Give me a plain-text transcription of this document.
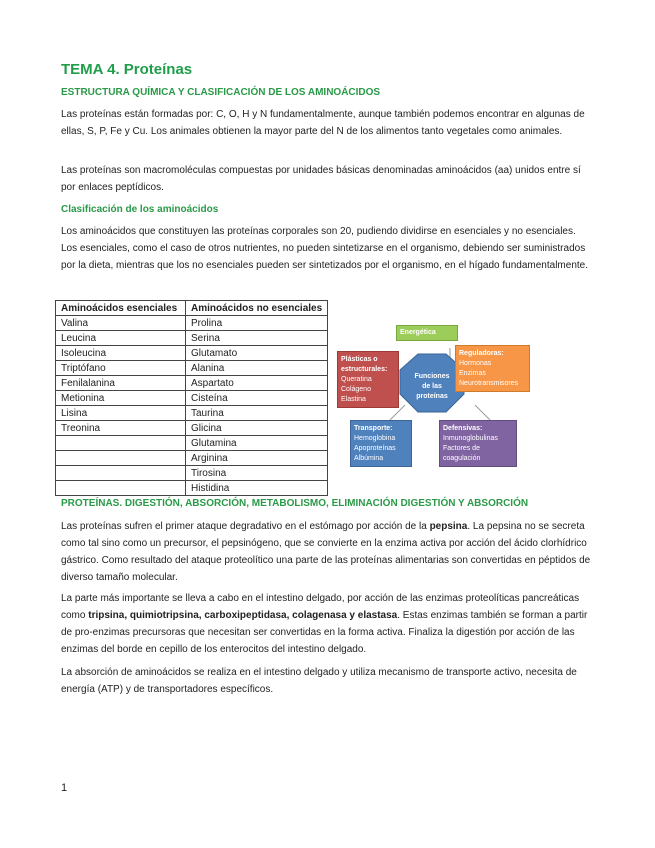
TEMA 4. Proteínas
ESTRUCTURA QUÍMICA Y CLASIFICACIÓN DE LOS AMINOÁCIDOS

Las proteínas están formadas por: C, O, H y N fundamentalmente, aunque también podemos encontrar en algunas de ellas, S, P, Fe y Cu. Los animales obtienen la mayor parte del N de los alimentos tanto vegetales como animales.

Las proteínas son macromoléculas compuestas por unidades básicas denominadas aminoácidos (aa) unidos entre sí por enlaces peptídicos.

Clasificación de los aminoácidos

Los aminoácidos que constituyen las proteínas corporales son 20, pudiendo dividirse en esenciales y no esenciales. Los esenciales, como el caso de otros nutrientes, no pueden sintetizarse en el organismo, debiendo ser suministrados por la dieta, mientras que los no esenciales pueden ser sintetizados por el organismo, en el hígado fundamentalmente.

Aminoácidos esenciales	Aminoácidos no esenciales
Valina	Prolina
Leucina	Serina
Isoleucina	Glutamato
Triptófano	Alanina
Fenilalanina	Aspartato
Metionina	Cisteína
Lisina	Taurina
Treonina	Glicina
	Glutamina
	Arginina
	Tirosina
	Histidina
Energética
Plásticas o estructurales:
Queratina
Colágeno
Elastina
Funciones de las proteínas
Reguladoras:
Hormonas
Enzimas
Neurotransmisores
Transporte:
Hemoglobina
Apoproteínas
Albúmina
Defensivas:
Inmunoglobulinas
Factores de coagulación
PROTEÍNAS. DIGESTIÓN, ABSORCIÓN, METABOLISMO, ELIMINACIÓN DIGESTIÓN Y ABSORCIÓN

Las proteínas sufren el primer ataque degradativo en el estómago por acción de la pepsina. La pepsina no se secreta como tal sino como un precursor, el pepsinógeno, que se convierte en la enzima activa por acción del ácido clorhídrico gástrico. Como resultado del ataque proteolítico una parte de las proteínas alimentarias son convertidas en péptidos de diverso tamaño molecular.

La parte más importante se lleva a cabo en el intestino delgado, por acción de las enzimas proteolíticas pancreáticas como tripsina, quimiotripsina, carboxipeptidasa, colagenasa y elastasa. Estas enzimas también se forman a partir de pro-enzimas precursoras que necesitan ser convertidas en la forma activa. Finaliza la digestión por acción de las enzimas del borde en cepillo de los enterocitos del intestino delgado.

La absorción de aminoácidos se realiza en el intestino delgado y utiliza mecanismo de transporte activo, necesita de energía (ATP) y de transportadores específicos.

1
